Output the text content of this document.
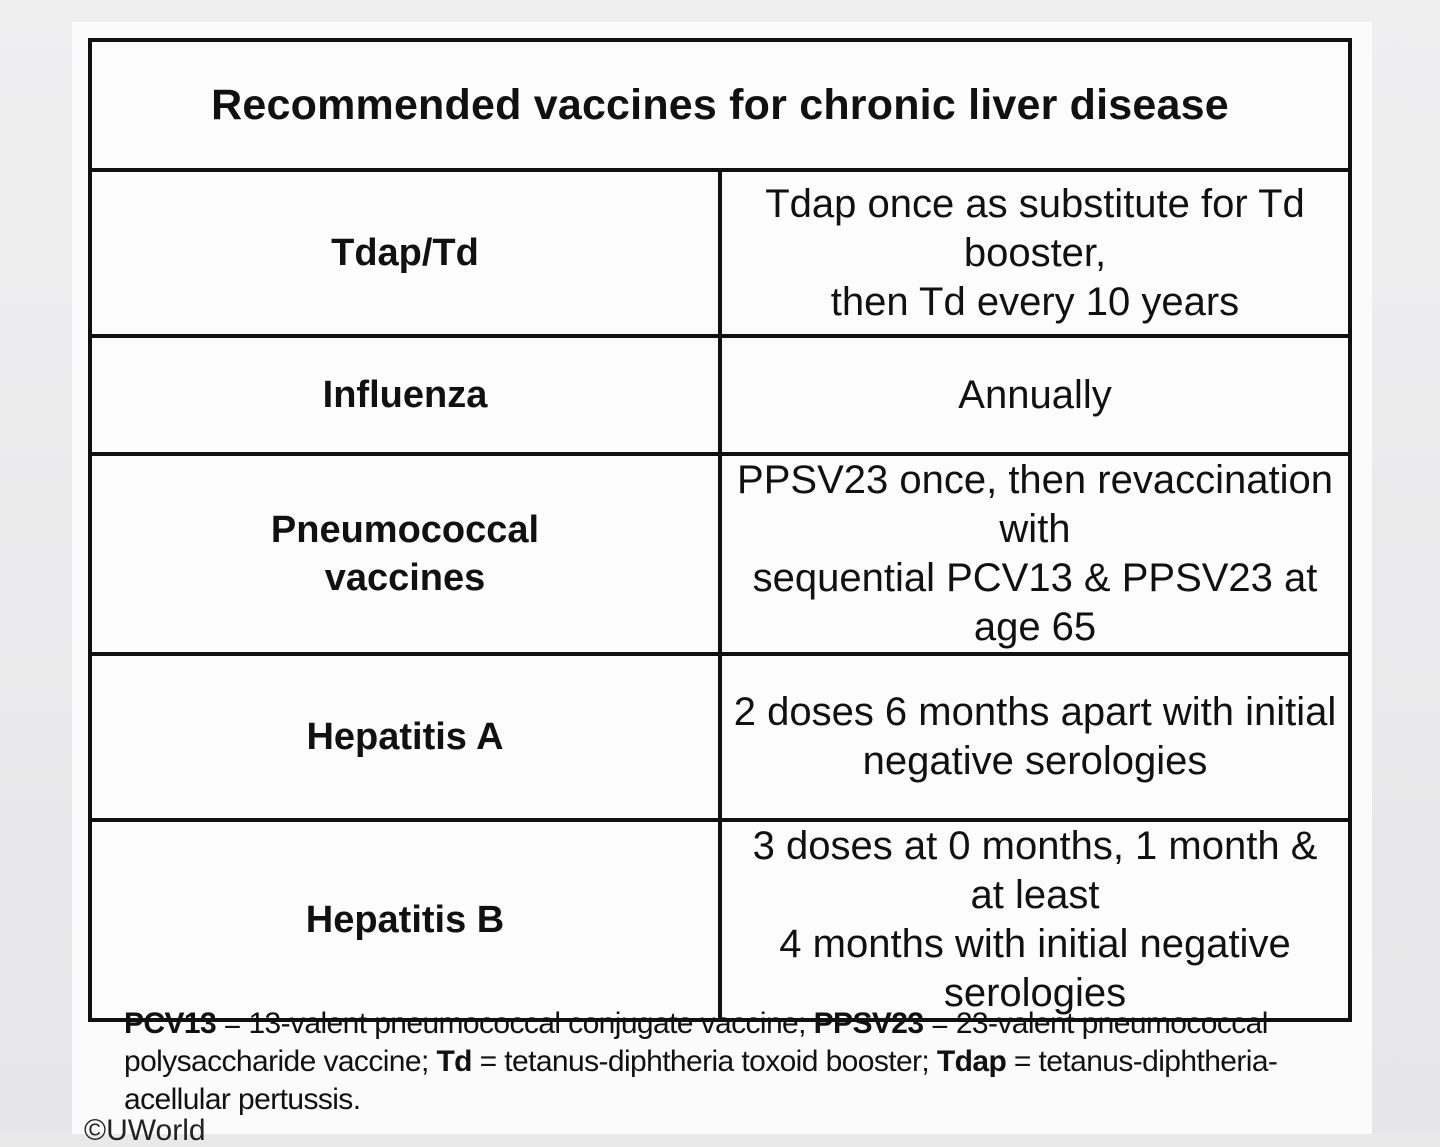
Recommended vaccines for chronic liver disease	
Tdap/Td	Tdap once as substitute for Td booster,
then Td every 10 years
Influenza	Annually
Pneumococcal
vaccines	PPSV23 once, then revaccination with
sequential PCV13 & PPSV23 at age 65
Hepatitis A	2 doses 6 months apart with initial
negative serologies
Hepatitis B	3 doses at 0 months, 1 month & at least
4 months with initial negative serologies
PCV13 = 13-valent pneumococcal conjugate vaccine; PPSV23 = 23-valent pneumococcal polysaccharide vaccine; Td = tetanus-diphtheria toxoid booster; Tdap = tetanus-diphtheria-acellular pertussis.
©UWorld
